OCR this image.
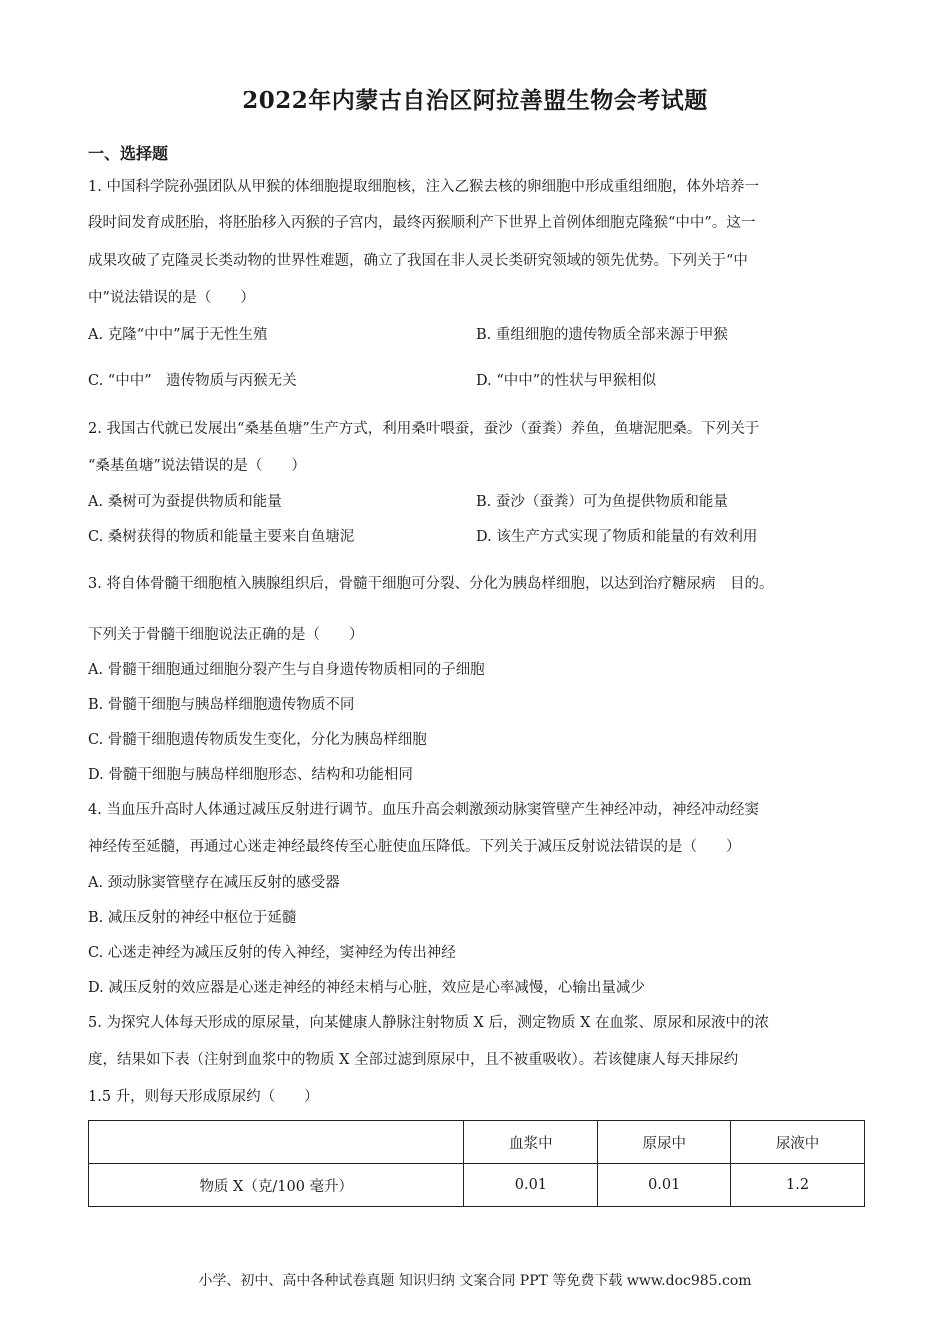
2022年内蒙古自治区阿拉善盟生物会考试题
一、选择题
1. 中国科学院孙强团队从甲猴的体细胞提取细胞核，注入乙猴去核的卵细胞中形成重组细胞，体外培养一
段时间发育成胚胎，将胚胎移入丙猴的子宫内，最终丙猴顺利产下世界上首例体细胞克隆猴“中中”。这一
成果攻破了克隆灵长类动物的世界性难题，确立了我国在非人灵长类研究领域的领先优势。下列关于“中
中”说法错误的是（　　）
A. 克隆“中中”属于无性生殖	B. 重组细胞的遗传物质全部来源于甲猴
C. “中中”　遗传物质与丙猴无关	D. “中中”的性状与甲猴相似
2. 我国古代就已发展出“桑基鱼塘”生产方式，利用桑叶喂蚕，蚕沙（蚕粪）养鱼，鱼塘泥肥桑。下列关于
“桑基鱼塘”说法错误的是（　　）
A. 桑树可为蚕提供物质和能量	B. 蚕沙（蚕粪）可为鱼提供物质和能量
C. 桑树获得的物质和能量主要来自鱼塘泥	D. 该生产方式实现了物质和能量的有效利用
3. 将自体骨髓干细胞植入胰腺组织后，骨髓干细胞可分裂、分化为胰岛样细胞，以达到治疗糖尿病　目的。
下列关于骨髓干细胞说法正确的是（　　）
A. 骨髓干细胞通过细胞分裂产生与自身遗传物质相同的子细胞
B. 骨髓干细胞与胰岛样细胞遗传物质不同
C. 骨髓干细胞遗传物质发生变化，分化为胰岛样细胞
D. 骨髓干细胞与胰岛样细胞形态、结构和功能相同
4. 当血压升高时人体通过减压反射进行调节。血压升高会刺激颈动脉窦管壁产生神经冲动，神经冲动经窦
神经传至延髓，再通过心迷走神经最终传至心脏使血压降低。下列关于减压反射说法错误的是（　　）
A. 颈动脉窦管壁存在减压反射的感受器
B. 减压反射的神经中枢位于延髓
C. 心迷走神经为减压反射的传入神经，窦神经为传出神经
D. 减压反射的效应器是心迷走神经的神经末梢与心脏，效应是心率减慢，心输出量减少
5. 为探究人体每天形成的原尿量，向某健康人静脉注射物质 X 后，测定物质 X 在血浆、原尿和尿液中的浓
度，结果如下表（注射到血浆中的物质 X 全部过滤到原尿中，且不被重吸收）。若该健康人每天排尿约
1.5 升，则每天形成原尿约（　　）
	血浆中	原尿中	尿液中
物质 X（克/100 毫升）	0.01	0.01	1.2
小学、初中、高中各种试卷真题 知识归纳 文案合同 PPT 等免费下载 www.doc985.com
